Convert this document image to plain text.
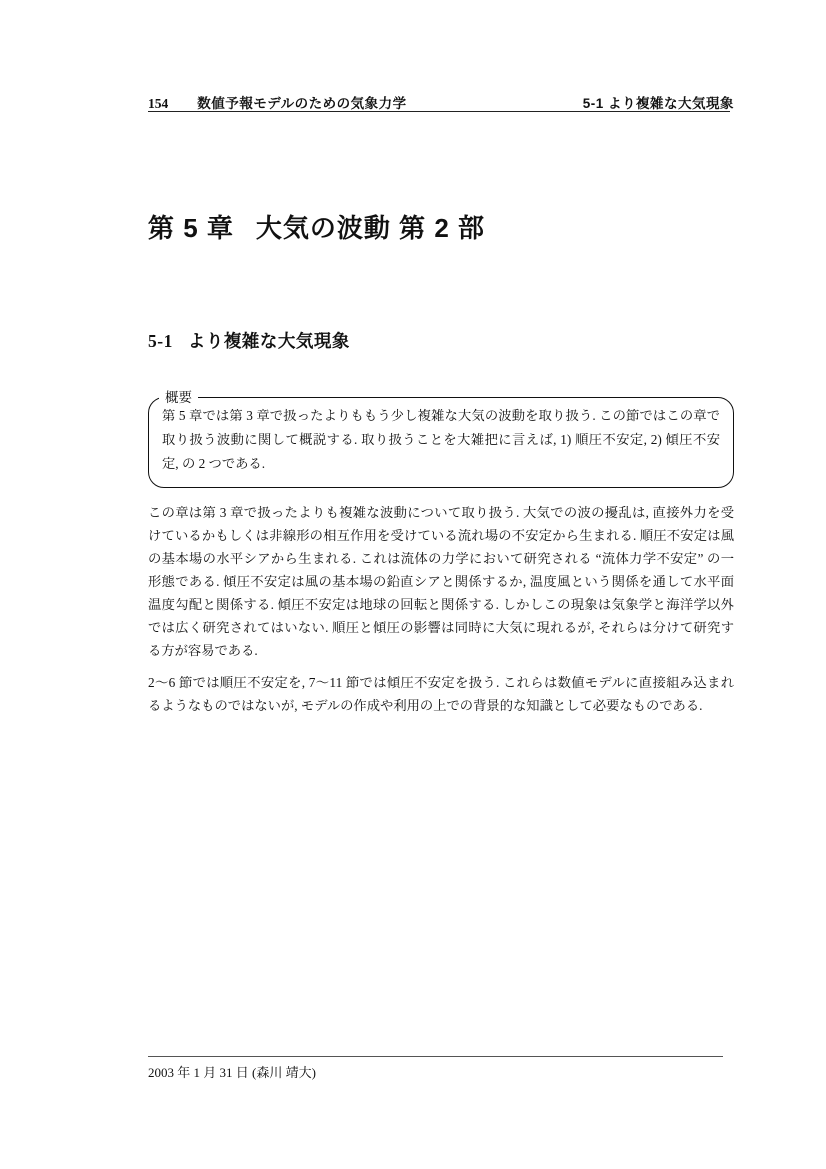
154 数値予報モデルのための気象力学	5-1 より複雑な大気現象
第 5 章 大気の波動 第 2 部
5-1 より複雑な大気現象
概要
第 5 章では第 3 章で扱ったよりももう少し複雑な大気の波動を取り扱う. この節ではこの章で
取り扱う波動に関して概説する. 取り扱うことを大雑把に言えば, 1) 順圧不安定, 2) 傾圧不安
定, の 2 つである.
この章は第 3 章で扱ったよりも複雑な波動について取り扱う. 大気での波の擾乱は, 直接外力を受
けているかもしくは非線形の相互作用を受けている流れ場の不安定から生まれる. 順圧不安定は風
の基本場の水平シアから生まれる. これは流体の力学において研究される “流体力学不安定” の一
形態である. 傾圧不安定は風の基本場の鉛直シアと関係するか, 温度風という関係を通して水平面
温度勾配と関係する. 傾圧不安定は地球の回転と関係する. しかしこの現象は気象学と海洋学以外
では広く研究されてはいない. 順圧と傾圧の影響は同時に大気に現れるが, それらは分けて研究す
る方が容易である.
2〜6 節では順圧不安定を, 7〜11 節では傾圧不安定を扱う. これらは数値モデルに直接組み込まれ
るようなものではないが, モデルの作成や利用の上での背景的な知識として必要なものである.
2003 年 1 月 31 日 (森川 靖大)
